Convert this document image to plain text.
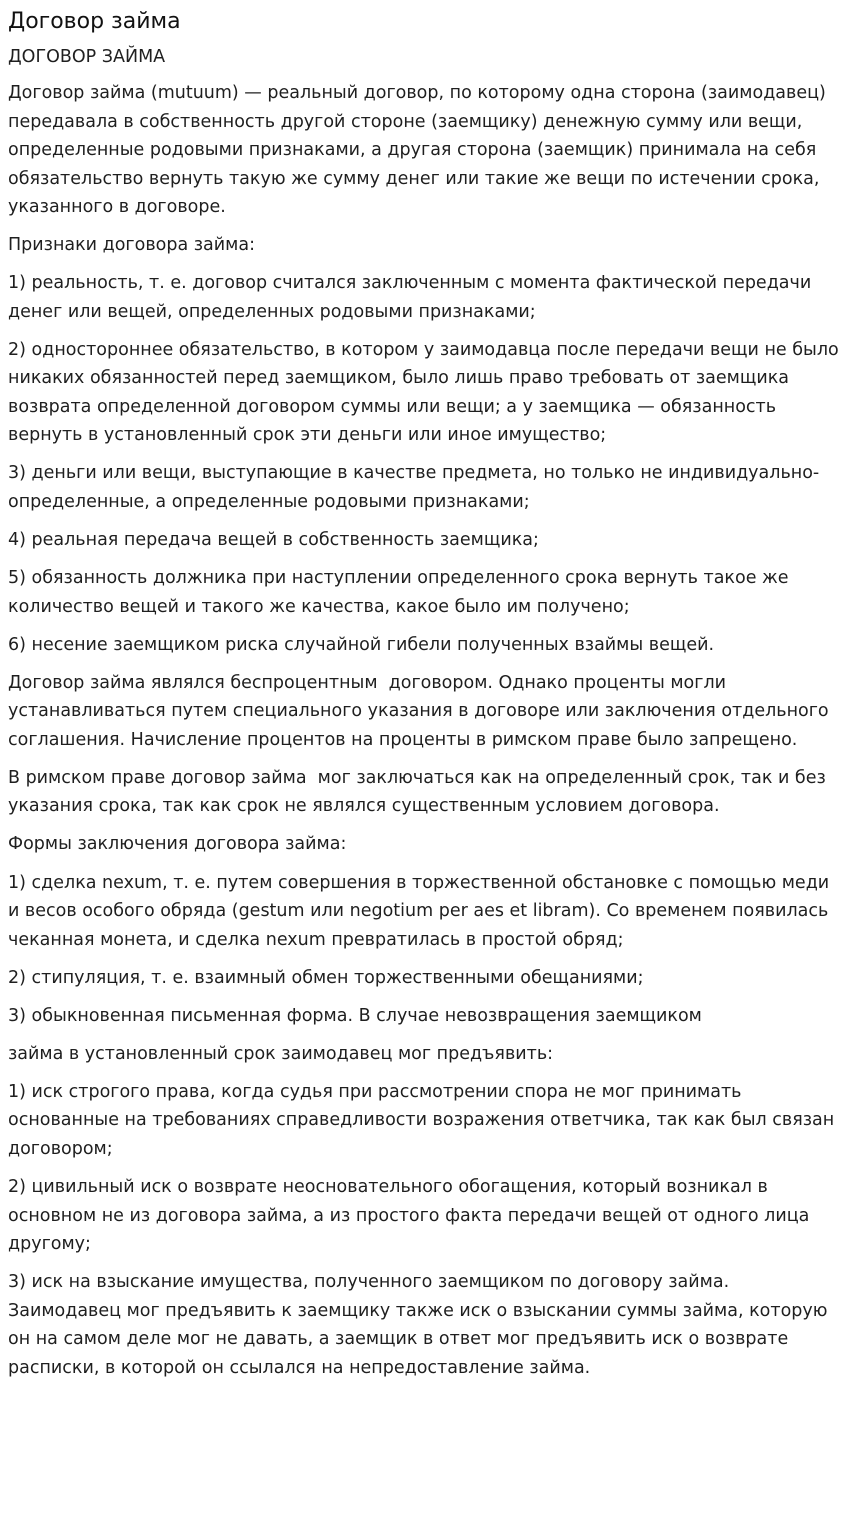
Договор займа
ДОГОВОР ЗАЙМА

Договор займа (mutuum) — реальный договор, по которому одна сторона (заимодавец) передавала в собственность другой стороне (заемщику) денежную сумму или вещи, определенные родовыми признаками, а другая сторона (заемщик) принимала на себя обязательство вернуть такую же сумму денег или такие же вещи по истечении срока, указанного в договоре.

Признаки договора займа:

1) реальность, т. е. договор считался заключенным с момента фактической передачи денег или вещей, определенных родовыми признаками;

2) одностороннее обязательство, в котором у заимодавца после передачи вещи не было никаких обязанностей перед заемщиком, было лишь право требовать от заемщика возврата определенной договором суммы или вещи; а у заемщика — обязанность вернуть в установленный срок эти деньги или иное имущество;

3) деньги или вещи, выступающие в качестве предмета, но только не индивидуально-определенные, а определенные родовыми признаками;

4) реальная передача вещей в собственность заемщика;

5) обязанность должника при наступлении определенного срока вернуть такое же количество вещей и такого же качества, какое было им получено;

6) несение заемщиком риска случайной гибели полученных взаймы вещей.

Договор займа являлся беспроцентным  договором. Однако проценты могли устанавливаться путем специального указания в договоре или заключения отдельного соглашения. Начисление процентов на проценты в римском праве было запрещено.

В римском праве договор займа  мог заключаться как на определенный срок, так и без указания срока, так как срок не являлся существенным условием договора.

Формы заключения договора займа:

1) сделка nexum, т. е. путем совершения в торжественной обстановке с помощью меди и весов особого обряда (gestum или negotium per aes et libram). Со временем появилась чеканная монета, и сделка nexum превратилась в простой обряд;

2) стипуляция, т. е. взаимный обмен торжественными обещаниями;

3) обыкновенная письменная форма. В случае невозвращения заемщиком

займа в установленный срок заимодавец мог предъявить:

1) иск строгого права, когда судья при рассмотрении спора не мог принимать основанные на требованиях справедливости возражения ответчика, так как был связан договором;

2) цивильный иск о возврате неосновательного обогащения, который возникал в основном не из договора займа, а из простого факта передачи вещей от одного лица другому;

3) иск на взыскание имущества, полученного заемщиком по договору займа. Заимодавец мог предъявить к заемщику также иск о взыскании суммы займа, которую он на самом деле мог не давать, а заемщик в ответ мог предъявить иск о возврате расписки, в которой он ссылался на непредоставление займа.
